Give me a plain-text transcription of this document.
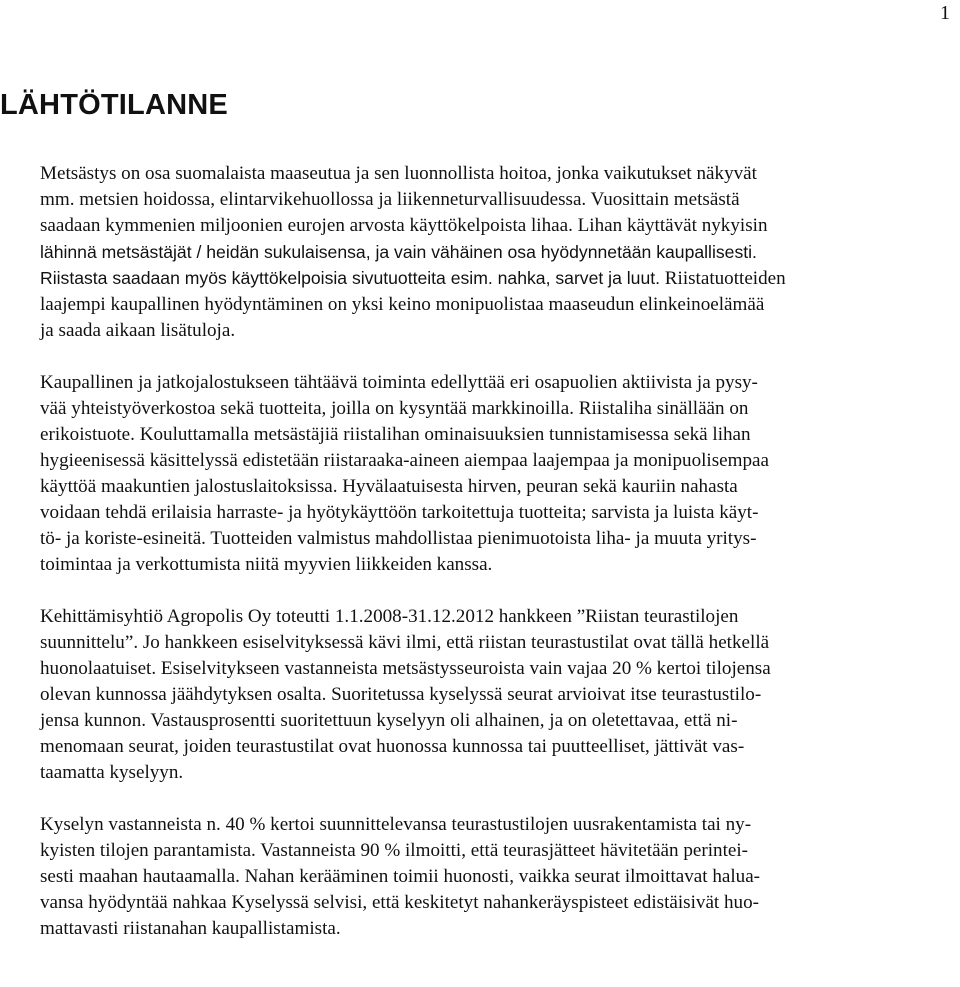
1
LÄHTÖTILANNE

Metsästys on osa suomalaista maaseutua ja sen luonnollista hoitoa, jonka vaikutukset näkyvät
mm. metsien hoidossa, elintarvikehuollossa ja liikenneturvallisuudessa. Vuosittain metsästä
saadaan kymmenien miljoonien eurojen arvosta käyttökelpoista lihaa. Lihan käyttävät nykyisin
lähinnä metsästäjät / heidän sukulaisensa, ja vain vähäinen osa hyödynnetään kaupallisesti.
Riistasta saadaan myös käyttökelpoisia sivutuotteita esim. nahka, sarvet ja luut. Riistatuotteiden
laajempi kaupallinen hyödyntäminen on yksi keino monipuolistaa maaseudun elinkeinoelämää
ja saada aikaan lisätuloja.

Kaupallinen ja jatkojalostukseen tähtäävä toiminta edellyttää eri osapuolien aktiivista ja pysy-
vää yhteistyöverkostoa sekä tuotteita, joilla on kysyntää markkinoilla. Riistaliha sinällään on
erikoistuote. Kouluttamalla metsästäjiä riistalihan ominaisuuksien tunnistamisessa sekä lihan
hygieenisessä käsittelyssä edistetään riistaraaka-aineen aiempaa laajempaa ja monipuolisempaa
käyttöä maakuntien jalostuslaitoksissa. Hyvälaatuisesta hirven, peuran sekä kauriin nahasta
voidaan tehdä erilaisia harraste- ja hyötykäyttöön tarkoitettuja tuotteita; sarvista ja luista käyt-
tö- ja koriste-esineitä. Tuotteiden valmistus mahdollistaa pienimuotoista liha- ja muuta yritys-
toimintaa ja verkottumista niitä myyvien liikkeiden kanssa.

Kehittämisyhtiö Agropolis Oy toteutti 1.1.2008-31.12.2012 hankkeen ”Riistan teurastilojen
suunnittelu”. Jo hankkeen esiselvityksessä kävi ilmi, että riistan teurastustilat ovat tällä hetkellä
huonolaatuiset. Esiselvitykseen vastanneista metsästysseuroista vain vajaa 20 % kertoi tilojensa
olevan kunnossa jäähdytyksen osalta. Suoritetussa kyselyssä seurat arvioivat itse teurastustilo-
jensa kunnon. Vastausprosentti suoritettuun kyselyyn oli alhainen, ja on oletettavaa, että ni-
menomaan seurat, joiden teurastustilat ovat huonossa kunnossa tai puutteelliset, jättivät vas-
taamatta kyselyyn.

Kyselyn vastanneista n. 40 % kertoi suunnittelevansa teurastustilojen uusrakentamista tai ny-
kyisten tilojen parantamista. Vastanneista 90 % ilmoitti, että teurasjätteet hävitetään perintei-
sesti maahan hautaamalla. Nahan kerääminen toimii huonosti, vaikka seurat ilmoittavat halua-
vansa hyödyntää nahkaa Kyselyssä selvisi, että keskitetyt nahankeräyspisteet edistäisivät huo-
mattavasti riistanahan kaupallistamista.
